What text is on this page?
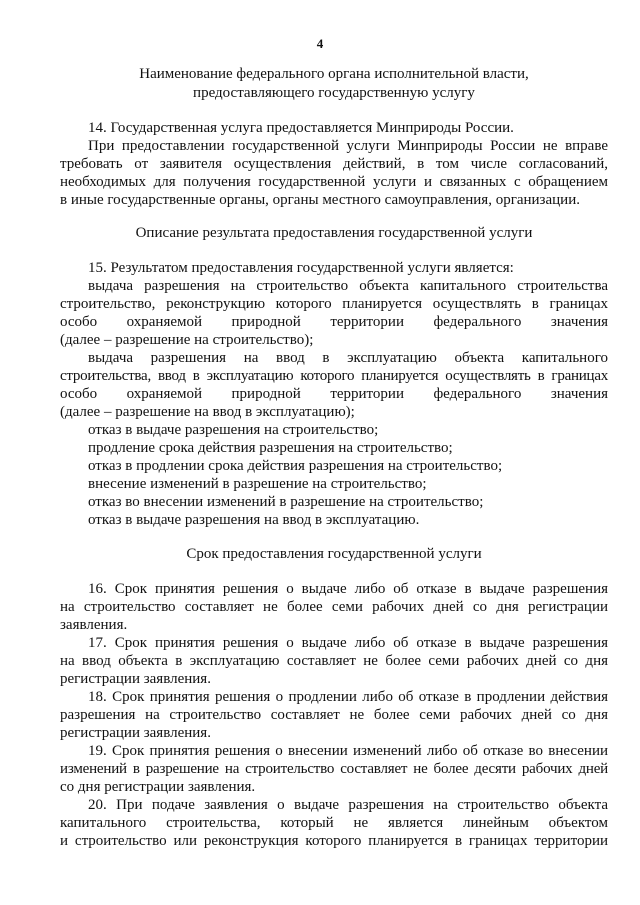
4
Наименование федерального органа исполнительной власти,
предоставляющего государственную услугу
14. Государственная услуга предоставляется Минприроды России.
При предоставлении государственной услуги Минприроды России не вправе
требовать от заявителя осуществления действий, в том числе согласований,
необходимых для получения государственной услуги и связанных с обращением
в иные государственные органы, органы местного самоуправления, организации.
Описание результата предоставления государственной услуги
15. Результатом предоставления государственной услуги является:
выдача разрешения на строительство объекта капитального строительства
строительство, реконструкцию которого планируется осуществлять в границах
особо охраняемой природной территории федерального значения
(далее – разрешение на строительство);
выдача разрешения на ввод в эксплуатацию объекта капитального
строительства, ввод в эксплуатацию которого планируется осуществлять в границах
особо охраняемой природной территории федерального значения
(далее – разрешение на ввод в эксплуатацию);
отказ в выдаче разрешения на строительство;
продление срока действия разрешения на строительство;
отказ в продлении срока действия разрешения на строительство;
внесение изменений в разрешение на строительство;
отказ во внесении изменений в разрешение на строительство;
отказ в выдаче разрешения на ввод в эксплуатацию.
Срок предоставления государственной услуги
16. Срок принятия решения о выдаче либо об отказе в выдаче разрешения
на строительство составляет не более семи рабочих дней со дня регистрации
заявления.
17. Срок принятия решения о выдаче либо об отказе в выдаче разрешения
на ввод объекта в эксплуатацию составляет не более семи рабочих дней со дня
регистрации заявления.
18. Срок принятия решения о продлении либо об отказе в продлении действия
разрешения на строительство составляет не более семи рабочих дней со дня
регистрации заявления.
19. Срок принятия решения о внесении изменений либо об отказе во внесении
изменений в разрешение на строительство составляет не более десяти рабочих дней
со дня регистрации заявления.
20. При подаче заявления о выдаче разрешения на строительство объекта
капитального строительства, который не является линейным объектом
и строительство или реконструкция которого планируется в границах территории
